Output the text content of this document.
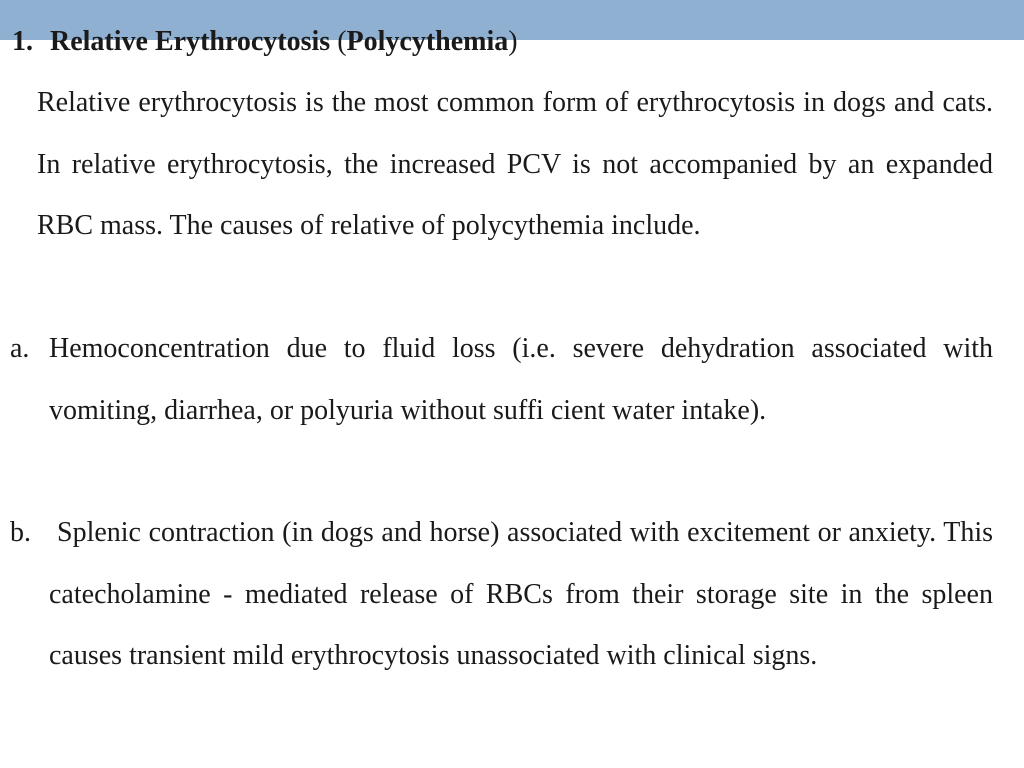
1. Relative Erythrocytosis (Polycythemia)

Relative erythrocytosis is the most common form of erythrocytosis in dogs and cats. In relative erythrocytosis, the increased PCV is not accompanied by an expanded RBC mass. The causes of relative of polycythemia include.

a. Hemoconcentration due to fluid loss (i.e. severe dehydration associated with vomiting, diarrhea, or polyuria without suffi cient water intake).

b. Splenic contraction (in dogs and horse) associated with excitement or anxiety. This catecholamine - mediated release of RBCs from their storage site in the spleen causes transient mild erythrocytosis unassociated with clinical signs.
